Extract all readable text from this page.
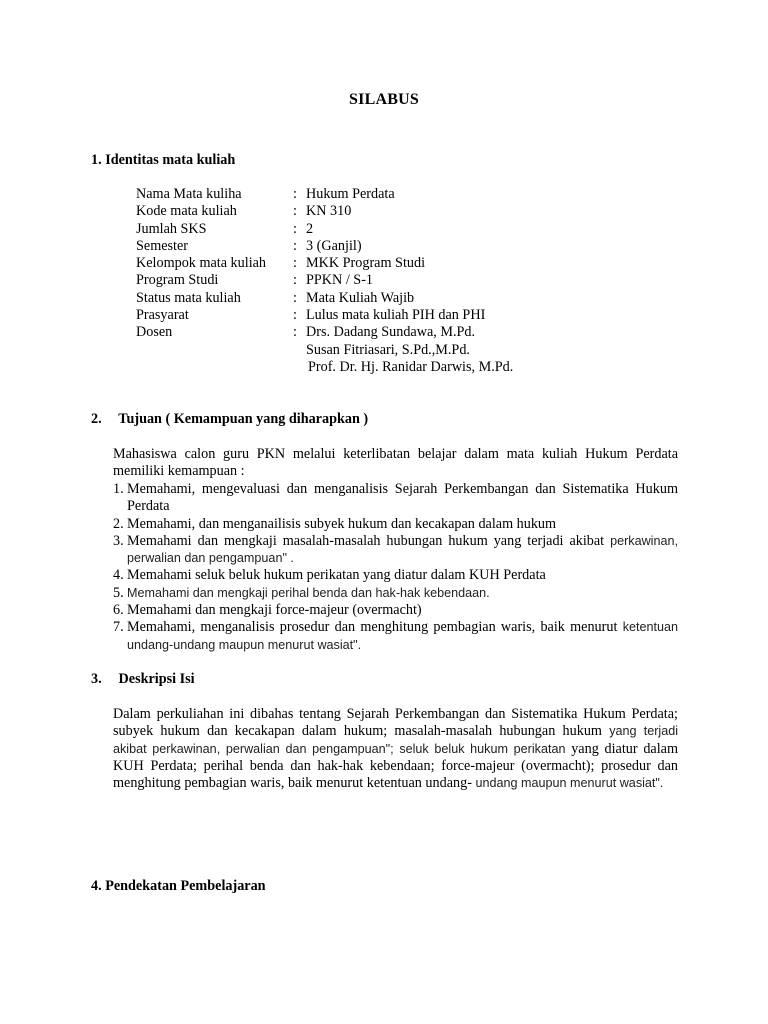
SILABUS
1. Identitas mata kuliah
Nama Mata kuliha	: Hukum Perdata
Kode mata kuliah	: KN 310
Jumlah SKS	: 2
Semester	: 3 (Ganjil)
Kelompok mata kuliah	: MKK Program Studi
Program Studi	: PPKN / S-1
Status mata kuliah	: Mata Kuliah Wajib
Prasyarat	: Lulus mata kuliah PIH dan PHI
Dosen	: Drs. Dadang Sundawa, M.Pd.
Susan Fitriasari, S.Pd.,M.Pd.
Prof. Dr. Hj. Ranidar Darwis, M.Pd.
2. Tujuan ( Kemampuan yang diharapkan )
Mahasiswa calon guru PKN melalui keterlibatan belajar dalam mata kuliah Hukum Perdata memiliki kemampuan :
1. Memahami, mengevaluasi dan menganalisis Sejarah Perkembangan dan Sistematika Hukum Perdata
2. Memahami, dan menganailisis subyek hukum dan kecakapan dalam hukum
3. Memahami dan mengkaji masalah-masalah hubungan hukum yang terjadi akibat perkawinan, perwalian dan pengampuan" .
4. Memahami seluk beluk hukum perikatan yang diatur dalam KUH Perdata
5. Memahami dan mengkaji perihal benda dan hak-hak kebendaan.
6. Memahami dan mengkaji force-majeur (overmacht)
7. Memahami, menganalisis prosedur dan menghitung pembagian waris, baik menurut ketentuan undang-undang maupun menurut wasiat".
3. Deskripsi Isi
Dalam perkuliahan ini dibahas tentang Sejarah Perkembangan dan Sistematika Hukum Perdata; subyek hukum dan kecakapan dalam hukum; masalah-masalah hubungan hukum yang terjadi akibat perkawinan, perwalian dan pengampuan"; seluk beluk hukum perikatan yang diatur dalam KUH Perdata; perihal benda dan hak-hak kebendaan; force-majeur (overmacht); prosedur dan menghitung pembagian waris, baik menurut ketentuan undang- undang maupun menurut wasiat".
4. Pendekatan Pembelajaran
